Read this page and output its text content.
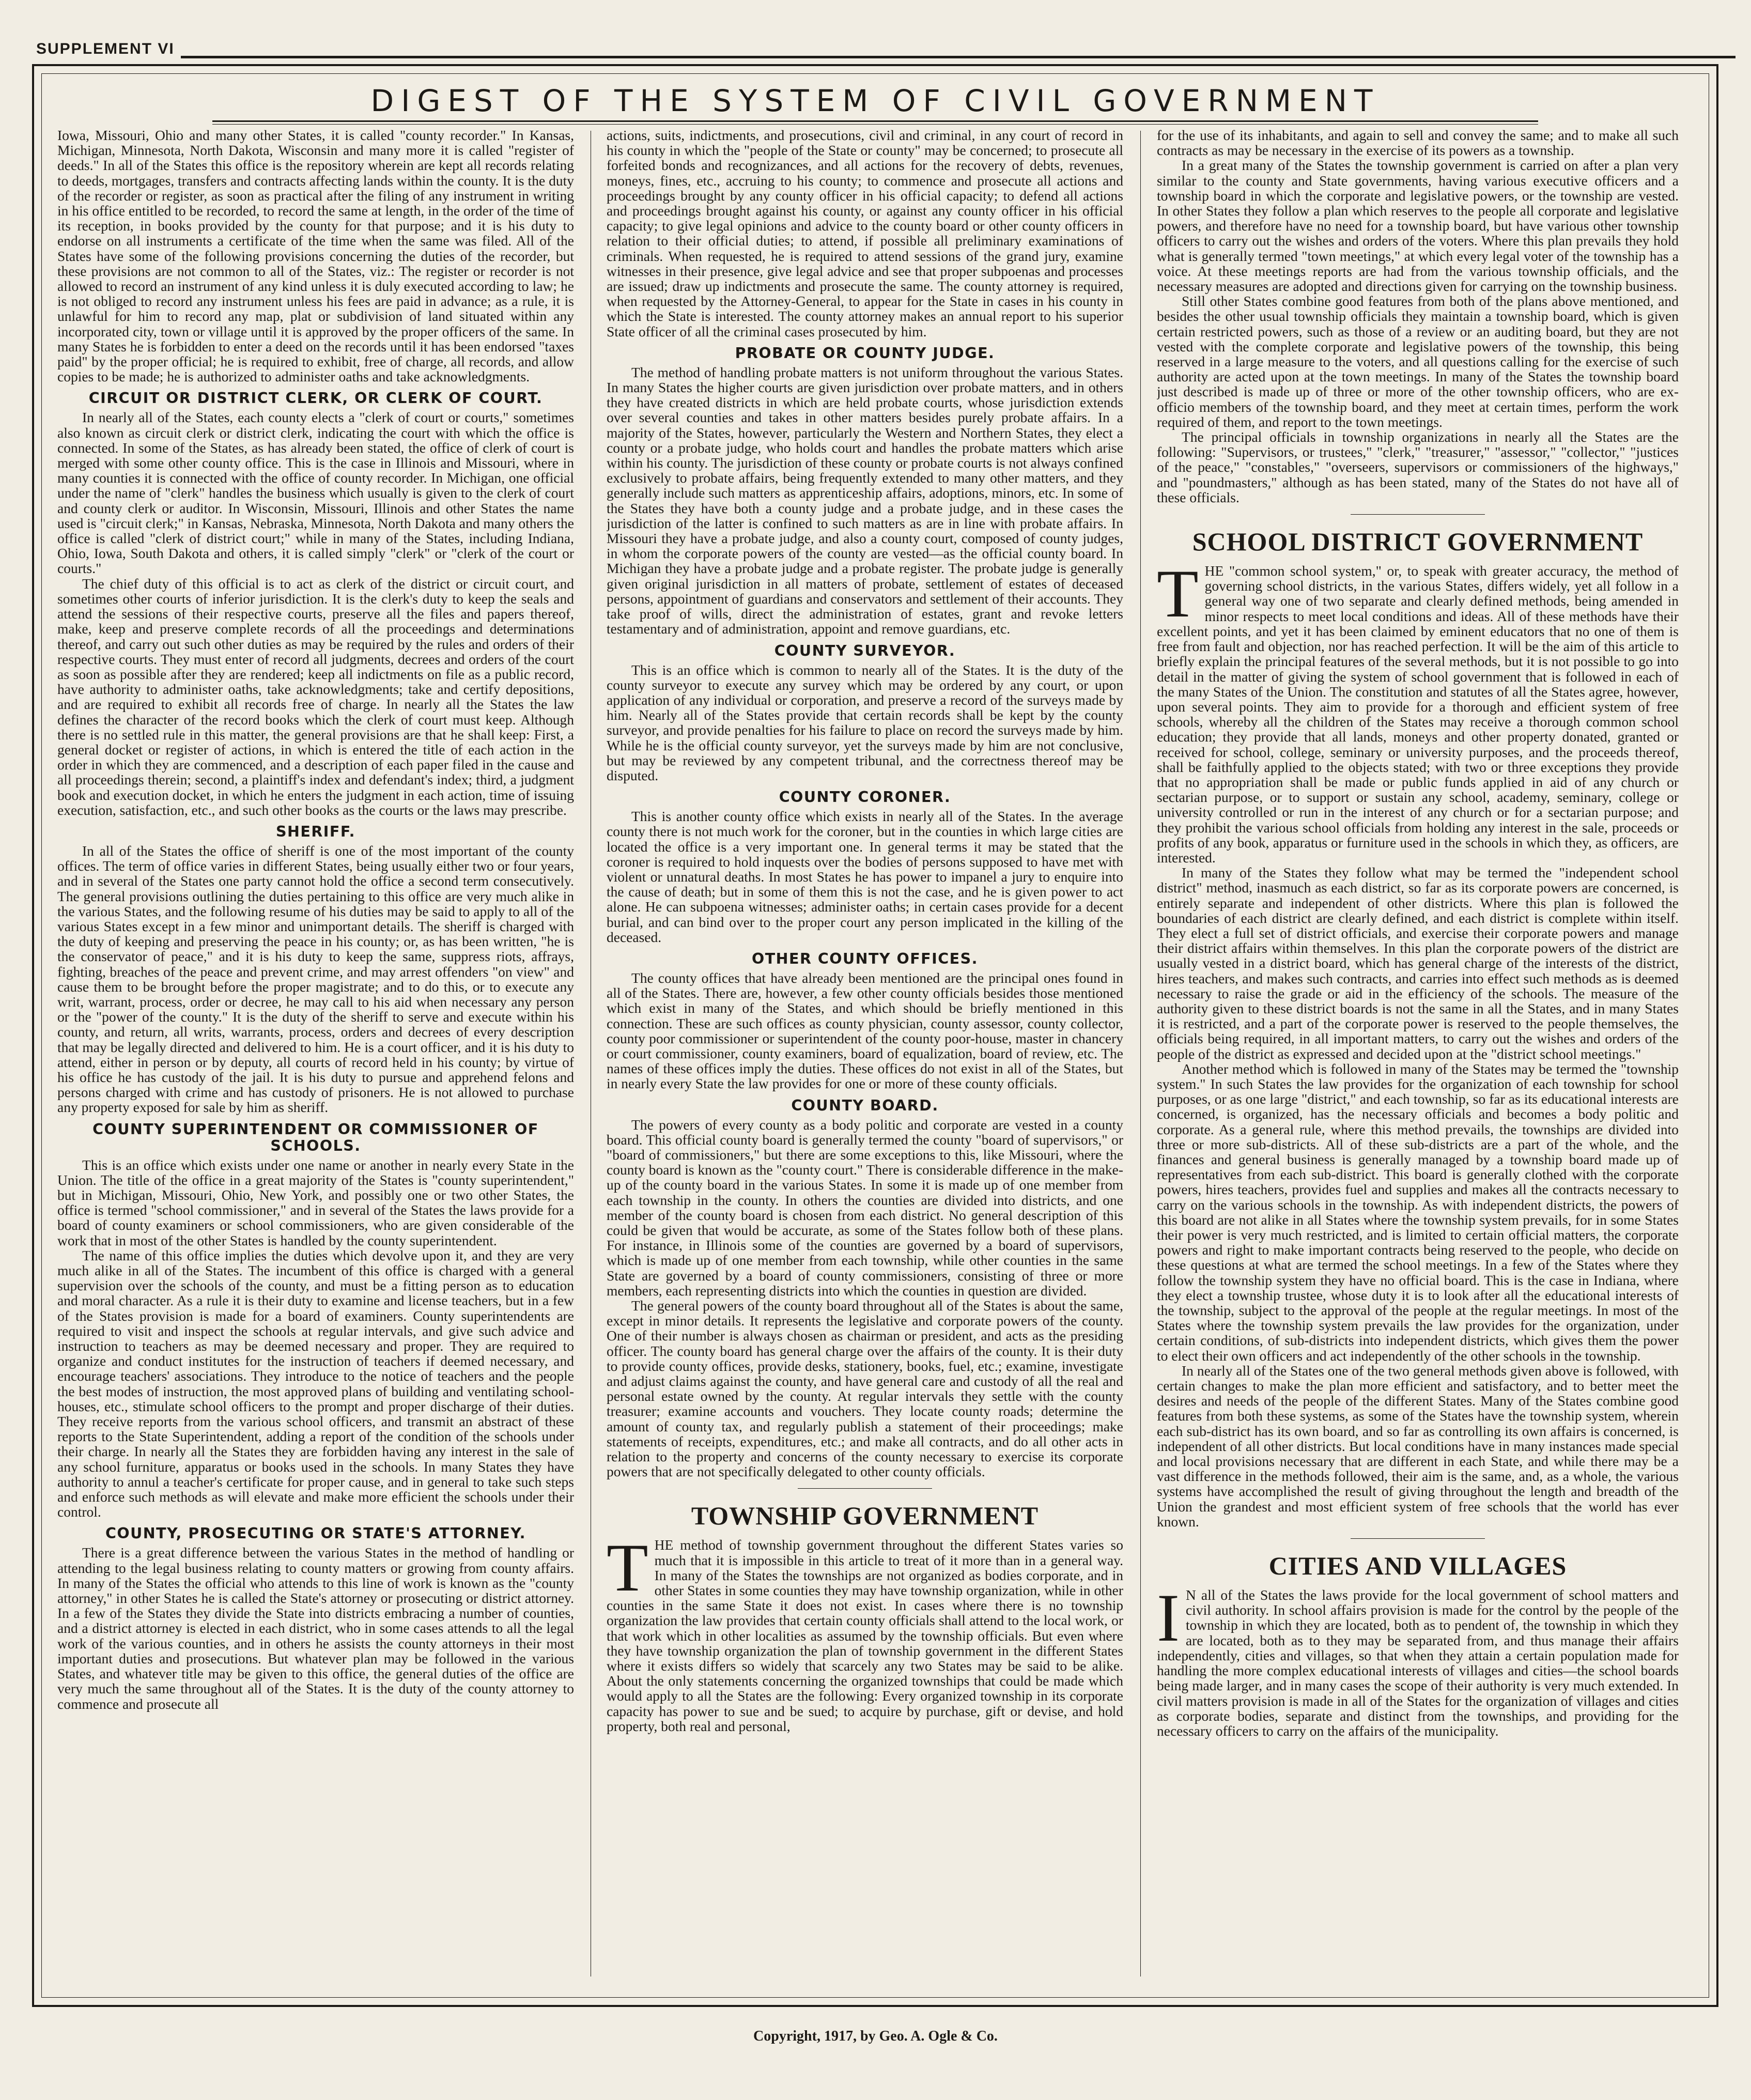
SUPPLEMENT VI
DIGEST OF THE SYSTEM OF CIVIL GOVERNMENT

Iowa, Missouri, Ohio and many other States, it is called "county recorder." In Kansas, Michigan, Minnesota, North Dakota, Wisconsin and many more it is called "register of deeds." In all of the States this office is the repository wherein are kept all records relating to deeds, mortgages, transfers and contracts affecting lands within the county. It is the duty of the recorder or register, as soon as practical after the filing of any instrument in writing in his office entitled to be recorded, to record the same at length, in the order of the time of its reception, in books provided by the county for that purpose; and it is his duty to endorse on all instruments a certificate of the time when the same was filed. All of the States have some of the following provisions concerning the duties of the recorder, but these provisions are not common to all of the States, viz.: The register or recorder is not allowed to record an instrument of any kind unless it is duly executed according to law; he is not obliged to record any instrument unless his fees are paid in advance; as a rule, it is unlawful for him to record any map, plat or subdivision of land situated within any incorporated city, town or village until it is approved by the proper officers of the same. In many States he is forbidden to enter a deed on the records until it has been endorsed "taxes paid" by the proper official; he is required to exhibit, free of charge, all records, and allow copies to be made; he is authorized to administer oaths and take acknowledgments.

CIRCUIT OR DISTRICT CLERK, OR CLERK OF COURT.

In nearly all of the States, each county elects a "clerk of court or courts," sometimes also known as circuit clerk or district clerk, indicating the court with which the office is connected. In some of the States, as has already been stated, the office of clerk of court is merged with some other county office. This is the case in Illinois and Missouri, where in many counties it is connected with the office of county recorder. In Michigan, one official under the name of "clerk" handles the business which usually is given to the clerk of court and county clerk or auditor. In Wisconsin, Missouri, Illinois and other States the name used is "circuit clerk;" in Kansas, Nebraska, Minnesota, North Dakota and many others the office is called "clerk of district court;" while in many of the States, including Indiana, Ohio, Iowa, South Dakota and others, it is called simply "clerk" or "clerk of the court or courts."

The chief duty of this official is to act as clerk of the district or circuit court, and sometimes other courts of inferior jurisdiction. It is the clerk's duty to keep the seals and attend the sessions of their respective courts, preserve all the files and papers thereof, make, keep and preserve complete records of all the proceedings and determinations thereof, and carry out such other duties as may be required by the rules and orders of their respective courts. They must enter of record all judgments, decrees and orders of the court as soon as possible after they are rendered; keep all indictments on file as a public record, have authority to administer oaths, take acknowledgments; take and certify depositions, and are required to exhibit all records free of charge. In nearly all the States the law defines the character of the record books which the clerk of court must keep. Although there is no settled rule in this matter, the general provisions are that he shall keep: First, a general docket or register of actions, in which is entered the title of each action in the order in which they are commenced, and a description of each paper filed in the cause and all proceedings therein; second, a plaintiff's index and defendant's index; third, a judgment book and execution docket, in which he enters the judgment in each action, time of issuing execution, satisfaction, etc., and such other books as the courts or the laws may prescribe.

SHERIFF.

In all of the States the office of sheriff is one of the most important of the county offices. The term of office varies in different States, being usually either two or four years, and in several of the States one party cannot hold the office a second term consecutively. The general provisions outlining the duties pertaining to this office are very much alike in the various States, and the following resume of his duties may be said to apply to all of the various States except in a few minor and unimportant details. The sheriff is charged with the duty of keeping and preserving the peace in his county; or, as has been written, "he is the conservator of peace," and it is his duty to keep the same, suppress riots, affrays, fighting, breaches of the peace and prevent crime, and may arrest offenders "on view" and cause them to be brought before the proper magistrate; and to do this, or to execute any writ, warrant, process, order or decree, he may call to his aid when necessary any person or the "power of the county." It is the duty of the sheriff to serve and execute within his county, and return, all writs, warrants, process, orders and decrees of every description that may be legally directed and delivered to him. He is a court officer, and it is his duty to attend, either in person or by deputy, all courts of record held in his county; by virtue of his office he has custody of the jail. It is his duty to pursue and apprehend felons and persons charged with crime and has custody of prisoners. He is not allowed to purchase any property exposed for sale by him as sheriff.

COUNTY SUPERINTENDENT OR COMMISSIONER OF SCHOOLS.

This is an office which exists under one name or another in nearly every State in the Union. The title of the office in a great majority of the States is "county superintendent," but in Michigan, Missouri, Ohio, New York, and possibly one or two other States, the office is termed "school commissioner," and in several of the States the laws provide for a board of county examiners or school commissioners, who are given considerable of the work that in most of the other States is handled by the county superintendent.

The name of this office implies the duties which devolve upon it, and they are very much alike in all of the States. The incumbent of this office is charged with a general supervision over the schools of the county, and must be a fitting person as to education and moral character. As a rule it is their duty to examine and license teachers, but in a few of the States provision is made for a board of examiners. County superintendents are required to visit and inspect the schools at regular intervals, and give such advice and instruction to teachers as may be deemed necessary and proper. They are required to organize and conduct institutes for the instruction of teachers if deemed necessary, and encourage teachers' associations. They introduce to the notice of teachers and the people the best modes of instruction, the most approved plans of building and ventilating school-houses, etc., stimulate school officers to the prompt and proper discharge of their duties. They receive reports from the various school officers, and transmit an abstract of these reports to the State Superintendent, adding a report of the condition of the schools under their charge. In nearly all the States they are forbidden having any interest in the sale of any school furniture, apparatus or books used in the schools. In many States they have authority to annul a teacher's certificate for proper cause, and in general to take such steps and enforce such methods as will elevate and make more efficient the schools under their control.

COUNTY, PROSECUTING OR STATE'S ATTORNEY.

There is a great difference between the various States in the method of handling or attending to the legal business relating to county matters or growing from county affairs. In many of the States the official who attends to this line of work is known as the "county attorney," in other States he is called the State's attorney or prosecuting or district attorney. In a few of the States they divide the State into districts embracing a number of counties, and a district attorney is elected in each district, who in some cases attends to all the legal work of the various counties, and in others he assists the county attorneys in their most important duties and prosecutions. But whatever plan may be followed in the various States, and whatever title may be given to this office, the general duties of the office are very much the same throughout all of the States. It is the duty of the county attorney to commence and prosecute all

actions, suits, indictments, and prosecutions, civil and criminal, in any court of record in his county in which the "people of the State or county" may be concerned; to prosecute all forfeited bonds and recognizances, and all actions for the recovery of debts, revenues, moneys, fines, etc., accruing to his county; to commence and prosecute all actions and proceedings brought by any county officer in his official capacity; to defend all actions and proceedings brought against his county, or against any county officer in his official capacity; to give legal opinions and advice to the county board or other county officers in relation to their official duties; to attend, if possible all preliminary examinations of criminals. When requested, he is required to attend sessions of the grand jury, examine witnesses in their presence, give legal advice and see that proper subpoenas and processes are issued; draw up indictments and prosecute the same. The county attorney is required, when requested by the Attorney-General, to appear for the State in cases in his county in which the State is interested. The county attorney makes an annual report to his superior State officer of all the criminal cases prosecuted by him.

PROBATE OR COUNTY JUDGE.

The method of handling probate matters is not uniform throughout the various States. In many States the higher courts are given jurisdiction over probate matters, and in others they have created districts in which are held probate courts, whose jurisdiction extends over several counties and takes in other matters besides purely probate affairs. In a majority of the States, however, particularly the Western and Northern States, they elect a county or a probate judge, who holds court and handles the probate matters which arise within his county. The jurisdiction of these county or probate courts is not always confined exclusively to probate affairs, being frequently extended to many other matters, and they generally include such matters as apprenticeship affairs, adoptions, minors, etc. In some of the States they have both a county judge and a probate judge, and in these cases the jurisdiction of the latter is confined to such matters as are in line with probate affairs. In Missouri they have a probate judge, and also a county court, composed of county judges, in whom the corporate powers of the county are vested—as the official county board. In Michigan they have a probate judge and a probate register. The probate judge is generally given original jurisdiction in all matters of probate, settlement of estates of deceased persons, appointment of guardians and conservators and settlement of their accounts. They take proof of wills, direct the administration of estates, grant and revoke letters testamentary and of administration, appoint and remove guardians, etc.

COUNTY SURVEYOR.

This is an office which is common to nearly all of the States. It is the duty of the county surveyor to execute any survey which may be ordered by any court, or upon application of any individual or corporation, and preserve a record of the surveys made by him. Nearly all of the States provide that certain records shall be kept by the county surveyor, and provide penalties for his failure to place on record the surveys made by him. While he is the official county surveyor, yet the surveys made by him are not conclusive, but may be reviewed by any competent tribunal, and the correctness thereof may be disputed.

COUNTY CORONER.

This is another county office which exists in nearly all of the States. In the average county there is not much work for the coroner, but in the counties in which large cities are located the office is a very important one. In general terms it may be stated that the coroner is required to hold inquests over the bodies of persons supposed to have met with violent or unnatural deaths. In most States he has power to impanel a jury to enquire into the cause of death; but in some of them this is not the case, and he is given power to act alone. He can subpoena witnesses; administer oaths; in certain cases provide for a decent burial, and can bind over to the proper court any person implicated in the killing of the deceased.

OTHER COUNTY OFFICES.

The county offices that have already been mentioned are the principal ones found in all of the States. There are, however, a few other county officials besides those mentioned which exist in many of the States, and which should be briefly mentioned in this connection. These are such offices as county physician, county assessor, county collector, county poor commissioner or superintendent of the county poor-house, master in chancery or court commissioner, county examiners, board of equalization, board of review, etc. The names of these offices imply the duties. These offices do not exist in all of the States, but in nearly every State the law provides for one or more of these county officials.

COUNTY BOARD.

The powers of every county as a body politic and corporate are vested in a county board. This official county board is generally termed the county "board of supervisors," or "board of commissioners," but there are some exceptions to this, like Missouri, where the county board is known as the "county court." There is considerable difference in the make-up of the county board in the various States. In some it is made up of one member from each township in the county. In others the counties are divided into districts, and one member of the county board is chosen from each district. No general description of this could be given that would be accurate, as some of the States follow both of these plans. For instance, in Illinois some of the counties are governed by a board of supervisors, which is made up of one member from each township, while other counties in the same State are governed by a board of county commissioners, consisting of three or more members, each representing districts into which the counties in question are divided.

The general powers of the county board throughout all of the States is about the same, except in minor details. It represents the legislative and corporate powers of the county. One of their number is always chosen as chairman or president, and acts as the presiding officer. The county board has general charge over the affairs of the county. It is their duty to provide county offices, provide desks, stationery, books, fuel, etc.; examine, investigate and adjust claims against the county, and have general care and custody of all the real and personal estate owned by the county. At regular intervals they settle with the county treasurer; examine accounts and vouchers. They locate county roads; determine the amount of county tax, and regularly publish a statement of their proceedings; make statements of receipts, expenditures, etc.; and make all contracts, and do all other acts in relation to the property and concerns of the county necessary to exercise its corporate powers that are not specifically delegated to other county officials.

TOWNSHIP GOVERNMENT

THE method of township government throughout the different States varies so much that it is impossible in this article to treat of it more than in a general way. In many of the States the townships are not organized as bodies corporate, and in other States in some counties they may have township organization, while in other counties in the same State it does not exist. In cases where there is no township organization the law provides that certain county officials shall attend to the local work, or that work which in other localities as assumed by the township officials. But even where they have township organization the plan of township government in the different States where it exists differs so widely that scarcely any two States may be said to be alike. About the only statements concerning the organized townships that could be made which would apply to all the States are the following: Every organized township in its corporate capacity has power to sue and be sued; to acquire by purchase, gift or devise, and hold property, both real and personal,

for the use of its inhabitants, and again to sell and convey the same; and to make all such contracts as may be necessary in the exercise of its powers as a township.

In a great many of the States the township government is carried on after a plan very similar to the county and State governments, having various executive officers and a township board in which the corporate and legislative powers, or the township are vested. In other States they follow a plan which reserves to the people all corporate and legislative powers, and therefore have no need for a township board, but have various other township officers to carry out the wishes and orders of the voters. Where this plan prevails they hold what is generally termed "town meetings," at which every legal voter of the township has a voice. At these meetings reports are had from the various township officials, and the necessary measures are adopted and directions given for carrying on the township business.

Still other States combine good features from both of the plans above mentioned, and besides the other usual township officials they maintain a township board, which is given certain restricted powers, such as those of a review or an auditing board, but they are not vested with the complete corporate and legislative powers of the township, this being reserved in a large measure to the voters, and all questions calling for the exercise of such authority are acted upon at the town meetings. In many of the States the township board just described is made up of three or more of the other township officers, who are ex-officio members of the township board, and they meet at certain times, perform the work required of them, and report to the town meetings.

The principal officials in township organizations in nearly all the States are the following: "Supervisors, or trustees," "clerk," "treasurer," "assessor," "collector," "justices of the peace," "constables," "overseers, supervisors or commissioners of the highways," and "poundmasters," although as has been stated, many of the States do not have all of these officials.

SCHOOL DISTRICT GOVERNMENT

THE "common school system," or, to speak with greater accuracy, the method of governing school districts, in the various States, differs widely, yet all follow in a general way one of two separate and clearly defined methods, being amended in minor respects to meet local conditions and ideas. All of these methods have their excellent points, and yet it has been claimed by eminent educators that no one of them is free from fault and objection, nor has reached perfection. It will be the aim of this article to briefly explain the principal features of the several methods, but it is not possible to go into detail in the matter of giving the system of school government that is followed in each of the many States of the Union. The constitution and statutes of all the States agree, however, upon several points. They aim to provide for a thorough and efficient system of free schools, whereby all the children of the States may receive a thorough common school education; they provide that all lands, moneys and other property donated, granted or received for school, college, seminary or university purposes, and the proceeds thereof, shall be faithfully applied to the objects stated; with two or three exceptions they provide that no appropriation shall be made or public funds applied in aid of any church or sectarian purpose, or to support or sustain any school, academy, seminary, college or university controlled or run in the interest of any church or for a sectarian purpose; and they prohibit the various school officials from holding any interest in the sale, proceeds or profits of any book, apparatus or furniture used in the schools in which they, as officers, are interested.

In many of the States they follow what may be termed the "independent school district" method, inasmuch as each district, so far as its corporate powers are concerned, is entirely separate and independent of other districts. Where this plan is followed the boundaries of each district are clearly defined, and each district is complete within itself. They elect a full set of district officials, and exercise their corporate powers and manage their district affairs within themselves. In this plan the corporate powers of the district are usually vested in a district board, which has general charge of the interests of the district, hires teachers, and makes such contracts, and carries into effect such methods as is deemed necessary to raise the grade or aid in the efficiency of the schools. The measure of the authority given to these district boards is not the same in all the States, and in many States it is restricted, and a part of the corporate power is reserved to the people themselves, the officials being required, in all important matters, to carry out the wishes and orders of the people of the district as expressed and decided upon at the "district school meetings."

Another method which is followed in many of the States may be termed the "township system." In such States the law provides for the organization of each township for school purposes, or as one large "district," and each township, so far as its educational interests are concerned, is organized, has the necessary officials and becomes a body politic and corporate. As a general rule, where this method prevails, the townships are divided into three or more sub-districts. All of these sub-districts are a part of the whole, and the finances and general business is generally managed by a township board made up of representatives from each sub-district. This board is generally clothed with the corporate powers, hires teachers, provides fuel and supplies and makes all the contracts necessary to carry on the various schools in the township. As with independent districts, the powers of this board are not alike in all States where the township system prevails, for in some States their power is very much restricted, and is limited to certain official matters, the corporate powers and right to make important contracts being reserved to the people, who decide on these questions at what are termed the school meetings. In a few of the States where they follow the township system they have no official board. This is the case in Indiana, where they elect a township trustee, whose duty it is to look after all the educational interests of the township, subject to the approval of the people at the regular meetings. In most of the States where the township system prevails the law provides for the organization, under certain conditions, of sub-districts into independent districts, which gives them the power to elect their own officers and act independently of the other schools in the township.

In nearly all of the States one of the two general methods given above is followed, with certain changes to make the plan more efficient and satisfactory, and to better meet the desires and needs of the people of the different States. Many of the States combine good features from both these systems, as some of the States have the township system, wherein each sub-district has its own board, and so far as controlling its own affairs is concerned, is independent of all other districts. But local conditions have in many instances made special and local provisions necessary that are different in each State, and while there may be a vast difference in the methods followed, their aim is the same, and, as a whole, the various systems have accomplished the result of giving throughout the length and breadth of the Union the grandest and most efficient system of free schools that the world has ever known.

CITIES AND VILLAGES

I N all of the States the laws provide for the local government of school matters and civil authority. In school affairs provision is made for the control by the people of the township in which they are located, both as to pendent of, the township in which they are located, both as to they may be separated from, and thus manage their affairs independently, cities and villages, so that when they attain a certain population made for handling the more complex educational interests of villages and cities—the school boards being made larger, and in many cases the scope of their authority is very much extended. In civil matters provision is made in all of the States for the organization of villages and cities as corporate bodies, separate and distinct from the townships, and providing for the necessary officers to carry on the affairs of the municipality.

Copyright, 1917, by Geo. A. Ogle & Co.
